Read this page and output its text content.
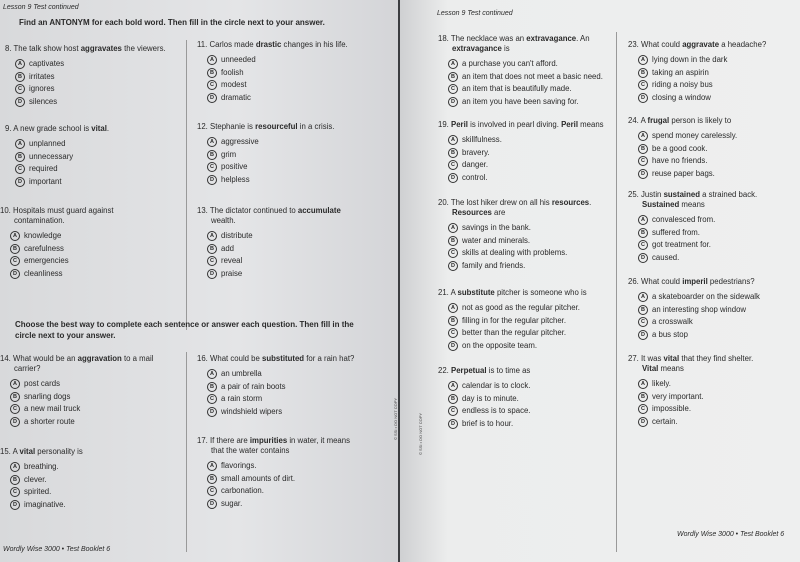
Lesson 9 Test continued
Find an ANTONYM for each bold word. Then fill in the circle next to your answer.
Choose the best way to complete each sentence or answer each question. Then fill in the
circle next to your answer.
Wordly Wise 3000 • Test Booklet 6
8. The talk show host aggravates the viewers.
A captivates
B irritates
C ignores
D silences
9. A new grade school is vital.
A unplanned
B unnecessary
C required
D important
10. Hospitals must guard against
contamination.
A knowledge
B carefulness
C emergencies
D cleanliness
11. Carlos made drastic changes in his life.
A unneeded
B foolish
C modest
D dramatic
12. Stephanie is resourceful in a crisis.
A aggressive
B grim
C positive
D helpless
13. The dictator continued to accumulate
wealth.
A distribute
B add
C reveal
D praise
14. What would be an aggravation to a mail
carrier?
A post cards
B snarling dogs
C a new mail truck
D a shorter route
15. A vital personality is
A breathing.
B clever.
C spirited.
D imaginative.
16. What could be substituted for a rain hat?
A an umbrella
B a pair of rain boots
C a rain storm
D windshield wipers
17. If there are impurities in water, it means
that the water contains
A flavorings.
B small amounts of dirt.
C carbonation.
D sugar.
Lesson 9 Test continued
© SSI • DO NOT COPY	© SSI • DO NOT COPY
Wordly Wise 3000 • Test Booklet 6
18. The necklace was an extravagance. An
extravagance is
A a purchase you can't afford.
B an item that does not meet a basic need.
C an item that is beautifully made.
D an item you have been saving for.
19. Peril is involved in pearl diving. Peril means
A skillfulness.
B bravery.
C danger.
D control.
20. The lost hiker drew on all his resources.
Resources are
A savings in the bank.
B water and minerals.
C skills at dealing with problems.
D family and friends.
21. A substitute pitcher is someone who is
A not as good as the regular pitcher.
B filling in for the regular pitcher.
C better than the regular pitcher.
D on the opposite team.
22. Perpetual is to time as
A calendar is to clock.
B day is to minute.
C endless is to space.
D brief is to hour.
23. What could aggravate a headache?
A lying down in the dark
B taking an aspirin
C riding a noisy bus
D closing a window
24. A frugal person is likely to
A spend money carelessly.
B be a good cook.
C have no friends.
D reuse paper bags.
25. Justin sustained a strained back.
Sustained means
A convalesced from.
B suffered from.
C got treatment for.
D caused.
26. What could imperil pedestrians?
A a skateboarder on the sidewalk
B an interesting shop window
C a crosswalk
D a bus stop
27. It was vital that they find shelter.
Vital means
A likely.
B very important.
C impossible.
D certain.
